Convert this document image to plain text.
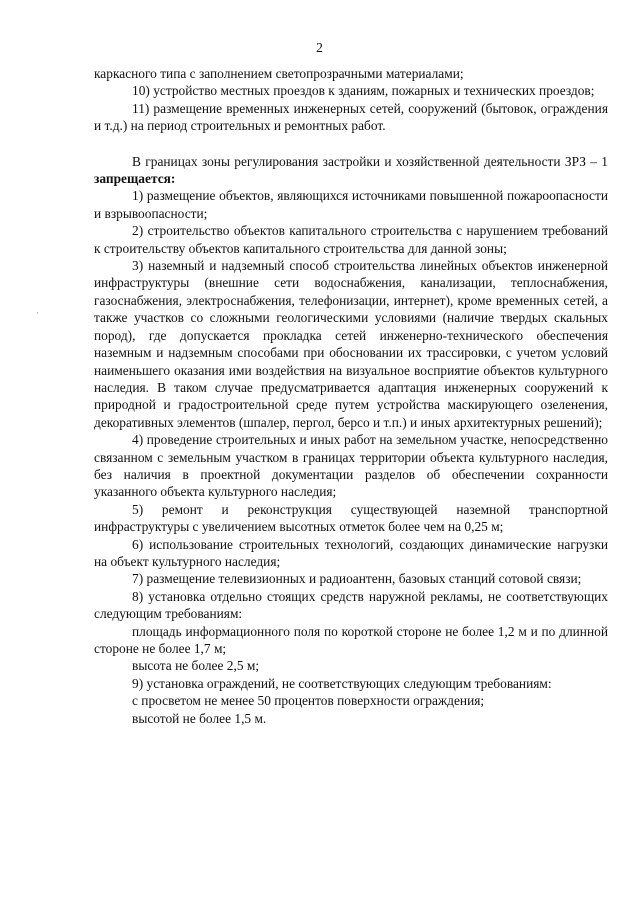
2
·

каркасного типа с заполнением светопрозрачными материалами;

10) устройство местных проездов к зданиям, пожарных и технических проездов;

11) размещение временных инженерных сетей, сооружений (бытовок, ограждения и т.д.) на период строительных и ремонтных работ.

В границах зоны регулирования застройки и хозяйственной деятельности ЗРЗ – 1 запрещается:

1) размещение объектов, являющихся источниками повышенной пожароопасности и взрывоопасности;

2) строительство объектов капитального строительства с нарушением требований к строительству объектов капитального строительства для данной зоны;

3) наземный и надземный способ строительства линейных объектов инженерной инфраструктуры (внешние сети водоснабжения, канализации, теплоснабжения, газоснабжения, электроснабжения, телефонизации, интернет), кроме временных сетей, а также участков со сложными геологическими условиями (наличие твердых скальных пород), где допускается прокладка сетей инженерно-технического обеспечения наземным и надземным способами при обосновании их трассировки, с учетом условий наименьшего оказания ими воздействия на визуальное восприятие объектов культурного наследия. В таком случае предусматривается адаптация инженерных сооружений к природной и градостроительной среде путем устройства маскирующего озеленения, декоративных элементов (шпалер, пергол, берсо и т.п.) и иных архитектурных решений);

4) проведение строительных и иных работ на земельном участке, непосредственно связанном с земельным участком в границах территории объекта культурного наследия, без наличия в проектной документации разделов об обеспечении сохранности указанного объекта культурного наследия;

5) ремонт и реконструкция существующей наземной транспортной инфраструктуры с увеличением высотных отметок более чем на 0,25 м;

6) использование строительных технологий, создающих динамические нагрузки на объект культурного наследия;

7) размещение телевизионных и радиоантенн, базовых станций сотовой связи;

8) установка отдельно стоящих средств наружной рекламы, не соответствующих следующим требованиям:

площадь информационного поля по короткой стороне не более 1,2 м и по длинной стороне не более 1,7 м;

высота не более 2,5 м;

9) установка ограждений, не соответствующих следующим требованиям:

с просветом не менее 50 процентов поверхности ограждения;

высотой не более 1,5 м.
